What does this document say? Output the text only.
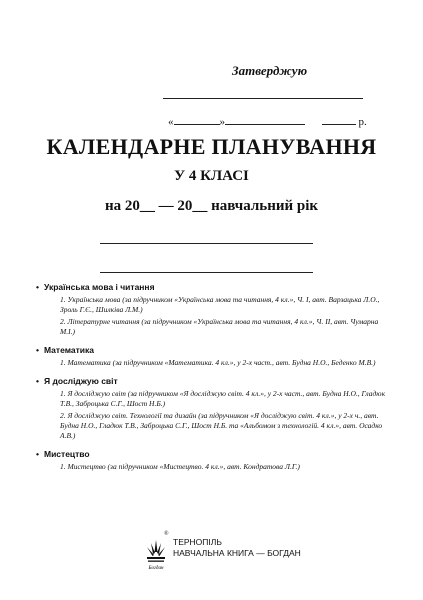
Затверджую
«	»	р.
КАЛЕНДАРНЕ ПЛАНУВАННЯ
У 4 КЛАСІ
на 20__ — 20__ навчальний рік
• Українська мова і читання
1. Українська мова (за підручником «Українська мова та читання, 4 кл.», Ч. І, авт. Варзацька Л.О., Зроль Г.Є., Шилківа Л.М.)
2. Літературне читання (за підручником «Українська мова та читання, 4 кл.», Ч. ІІ, авт. Чумарна М.І.)
• Математика
1. Математика (за підручником «Математика. 4 кл.», у 2-х част., авт. Будна Н.О., Беденко М.В.)
• Я досліджую світ
1. Я досліджую світ (за підручником «Я досліджую світ. 4 кл.», у 2-х част., авт. Будна Н.О., Гладюк Т.В., Заброцька С.Г., Шост Н.Б.)
2. Я досліджую світ. Технології та дизайн (за підручником «Я досліджую світ. 4 кл.», у 2-х ч., авт. Будна Н.О., Гладюк Т.В., Заброцька С.Г., Шост Н.Б. та «Альбомом з технологій. 4 кл.», авт. Осадко А.В.)
• Мистецтво
1. Мистецтво (за підручником «Мистецтво. 4 кл.», авт. Кондратова Л.Г.)
Богдан
®
ТЕРНОПІЛЬ
НАВЧАЛЬНА КНИГА — БОГДАН
